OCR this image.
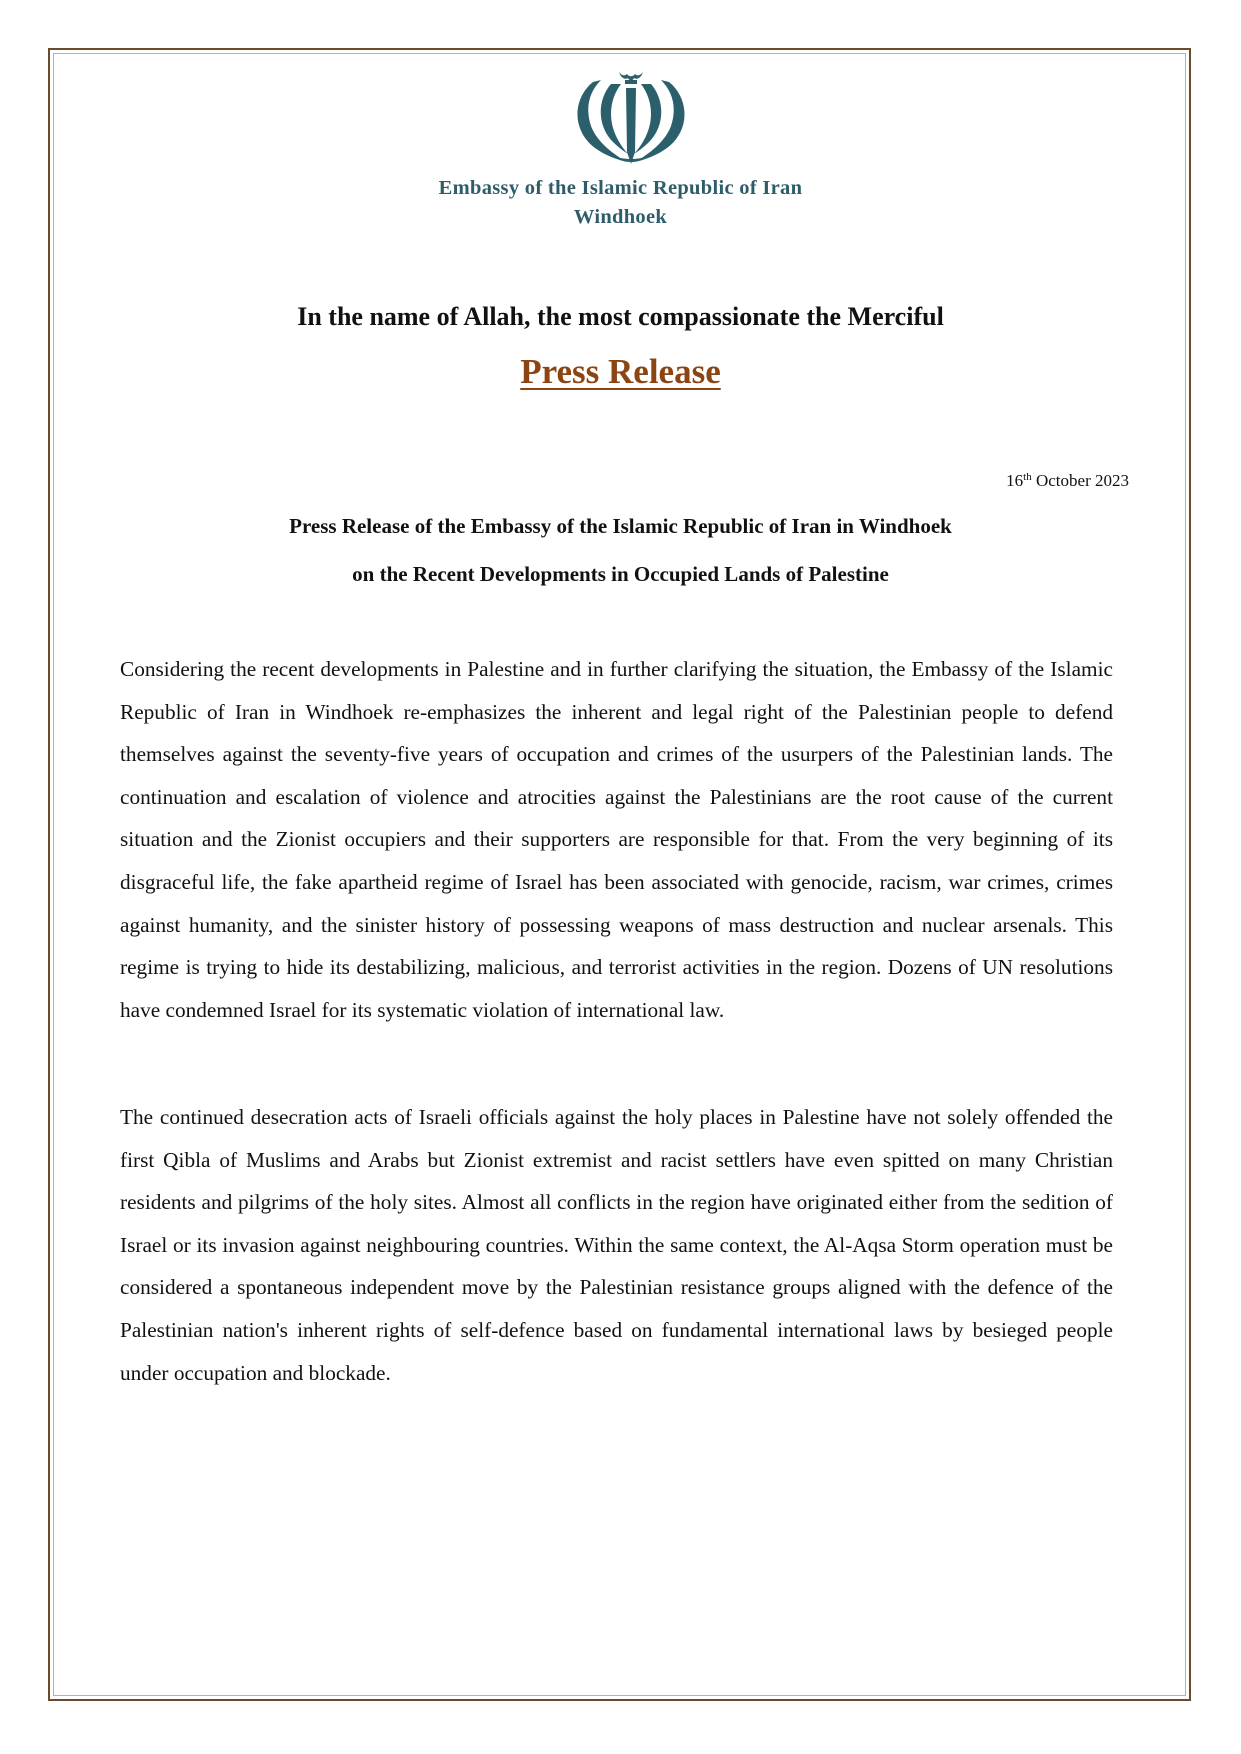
Embassy of the Islamic Republic of Iran
Windhoek
In the name of Allah, the most compassionate the Merciful
Press Release
16th October 2023
Press Release of the Embassy of the Islamic Republic of Iran in Windhoek
on the Recent Developments in Occupied Lands of Palestine

Considering the recent developments in Palestine and in further clarifying the situation, the Embassy of the Islamic Republic of Iran in Windhoek re-emphasizes the inherent and legal right of the Palestinian people to defend themselves against the seventy-five years of occupation and crimes of the usurpers of the Palestinian lands. The continuation and escalation of violence and atrocities against the Palestinians are the root cause of the current situation and the Zionist occupiers and their supporters are responsible for that. From the very beginning of its disgraceful life, the fake apartheid regime of Israel has been associated with genocide, racism, war crimes, crimes against humanity, and the sinister history of possessing weapons of mass destruction and nuclear arsenals. This regime is trying to hide its destabilizing, malicious, and terrorist activities in the region. Dozens of UN resolutions have condemned Israel for its systematic violation of international law.

The continued desecration acts of Israeli officials against the holy places in Palestine have not solely offended the first Qibla of Muslims and Arabs but Zionist extremist and racist settlers have even spitted on many Christian residents and pilgrims of the holy sites. Almost all conflicts in the region have originated either from the sedition of Israel or its invasion against neighbouring countries. Within the same context, the Al-Aqsa Storm operation must be considered a spontaneous independent move by the Palestinian resistance groups aligned with the defence of the Palestinian nation's inherent rights of self-defence based on fundamental international laws by besieged people under occupation and blockade.
